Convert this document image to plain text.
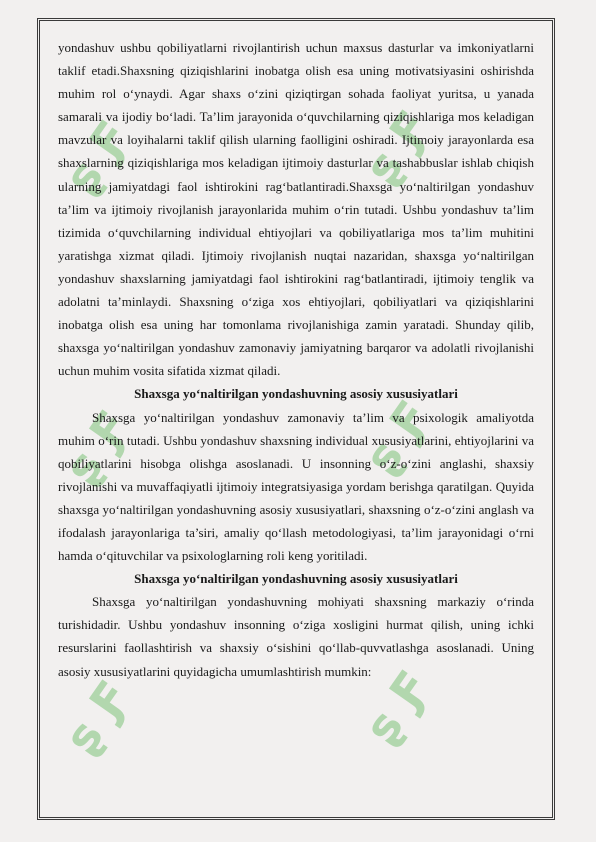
ʂ Ƒ	ʂ Ƒ
ʂ Ƒ	ʂ Ƒ
ʂ Ƒ	ʂ Ƒ

yondashuv ushbu qobiliyatlarni rivojlantirish uchun maxsus dasturlar va imkoniyatlarni taklif etadi.Shaxsning qiziqishlarini inobatga olish esa uning motivatsiyasini oshirishda muhim rol o‘ynaydi. Agar shaxs o‘zini qiziqtirgan sohada faoliyat yuritsa, u yanada samarali va ijodiy bo‘ladi. Ta’lim jarayonida o‘quvchilarning qiziqishlariga mos keladigan mavzular va loyihalarni taklif qilish ularning faolligini oshiradi. Ijtimoiy jarayonlarda esa shaxslarning qiziqishlariga mos keladigan ijtimoiy dasturlar va tashabbuslar ishlab chiqish ularning jamiyatdagi faol ishtirokini rag‘batlantiradi.Shaxsga yo‘naltirilgan yondashuv ta’lim va ijtimoiy rivojlanish jarayonlarida muhim o‘rin tutadi. Ushbu yondashuv ta’lim tizimida o‘quvchilarning individual ehtiyojlari va qobiliyatlariga mos ta’lim muhitini yaratishga xizmat qiladi. Ijtimoiy rivojlanish nuqtai nazaridan, shaxsga yo‘naltirilgan yondashuv shaxslarning jamiyatdagi faol ishtirokini rag‘batlantiradi, ijtimoiy tenglik va adolatni ta’minlaydi. Shaxsning o‘ziga xos ehtiyojlari, qobiliyatlari va qiziqishlarini inobatga olish esa uning har tomonlama rivojlanishiga zamin yaratadi. Shunday qilib, shaxsga yo‘naltirilgan yondashuv zamonaviy jamiyatning barqaror va adolatli rivojlanishi uchun muhim vosita sifatida xizmat qiladi.

Shaxsga yo‘naltirilgan yondashuvning asosiy xususiyatlari

Shaxsga yo‘naltirilgan yondashuv zamonaviy ta’lim va psixologik amaliyotda muhim o‘rin tutadi. Ushbu yondashuv shaxsning individual xususiyatlarini, ehtiyojlarini va qobiliyatlarini hisobga olishga asoslanadi. U insonning o‘z-o‘zini anglashi, shaxsiy rivojlanishi va muvaffaqiyatli ijtimoiy integratsiyasiga yordam berishga qaratilgan. Quyida shaxsga yo‘naltirilgan yondashuvning asosiy xususiyatlari, shaxsning o‘z-o‘zini anglash va ifodalash jarayonlariga ta’siri, amaliy qo‘llash metodologiyasi, ta’lim jarayonidagi o‘rni hamda o‘qituvchilar va psixologlarning roli keng yoritiladi.

Shaxsga yo‘naltirilgan yondashuvning asosiy xususiyatlari

Shaxsga yo‘naltirilgan yondashuvning mohiyati shaxsning markaziy o‘rinda turishidadir. Ushbu yondashuv insonning o‘ziga xosligini hurmat qilish, uning ichki resurslarini faollashtirish va shaxsiy o‘sishini qo‘llab-quvvatlashga asoslanadi. Uning asosiy xususiyatlarini quyidagicha umumlashtirish mumkin:
